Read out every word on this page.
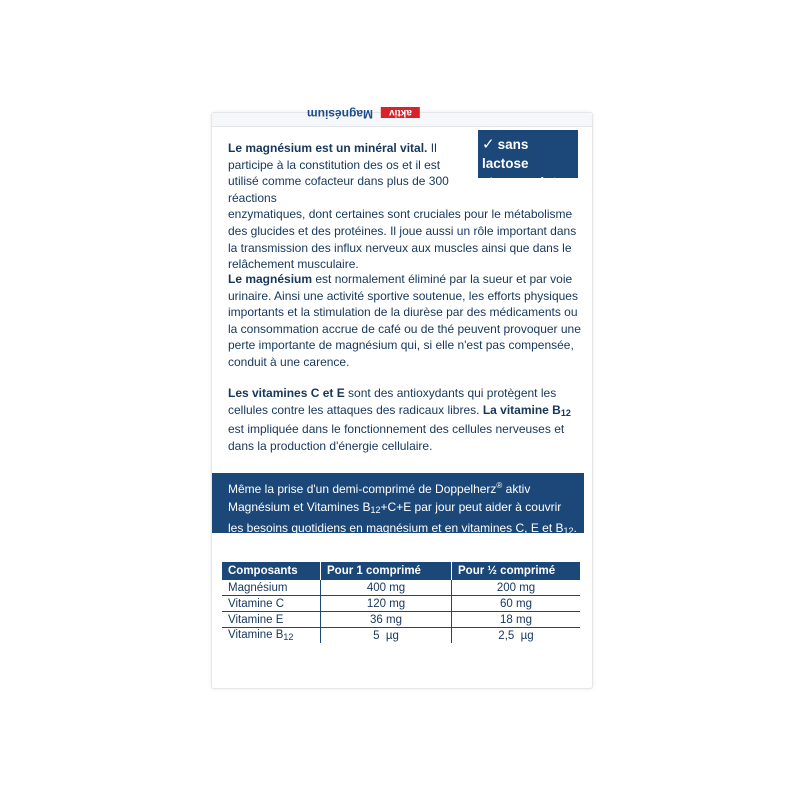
aktivMagnésium
✓ sans lactose
✓ sans gluten
Le magnésium est un minéral vital. Il participe à la constitution des os et il est utilisé comme cofacteur dans plus de 300 réactions
enzymatiques, dont certaines sont cruciales pour le métabolisme des glucides et des protéines. Il joue aussi un rôle important dans la transmission des influx nerveux aux muscles ainsi que dans le relâchement musculaire.
Le magnésium est normalement éliminé par la sueur et par voie urinaire. Ainsi une activité sportive soutenue, les efforts physiques importants et la stimulation de la diurèse par des médicaments ou la consommation accrue de café ou de thé peuvent provoquer une perte importante de magnésium qui, si elle n'est pas compensée, conduit à une carence.
Les vitamines C et E sont des antioxydants qui protègent les cellules contre les attaques des radicaux libres. La vitamine $B_{12}$ est impliquée dans le fonctionnement des cellules nerveuses et dans la production d'énergie cellulaire.
Même la prise d'un demi-comprimé de Doppelherz® aktiv
Magnésium et Vitamines $B_{12}+C+E$ par jour peut aider à couvrir
les besoins quotidiens en magnésium et en vitamines C, E et $B_{12}$.
Composants	Pour 1 comprimé	Pour ½ comprimé
Magnésium	400 mg	200 mg
Vitamine C	120 mg	60 mg
Vitamine E	36 mg	18 mg
Vitamine $B_{12}$	5  µg	2,5  µg
